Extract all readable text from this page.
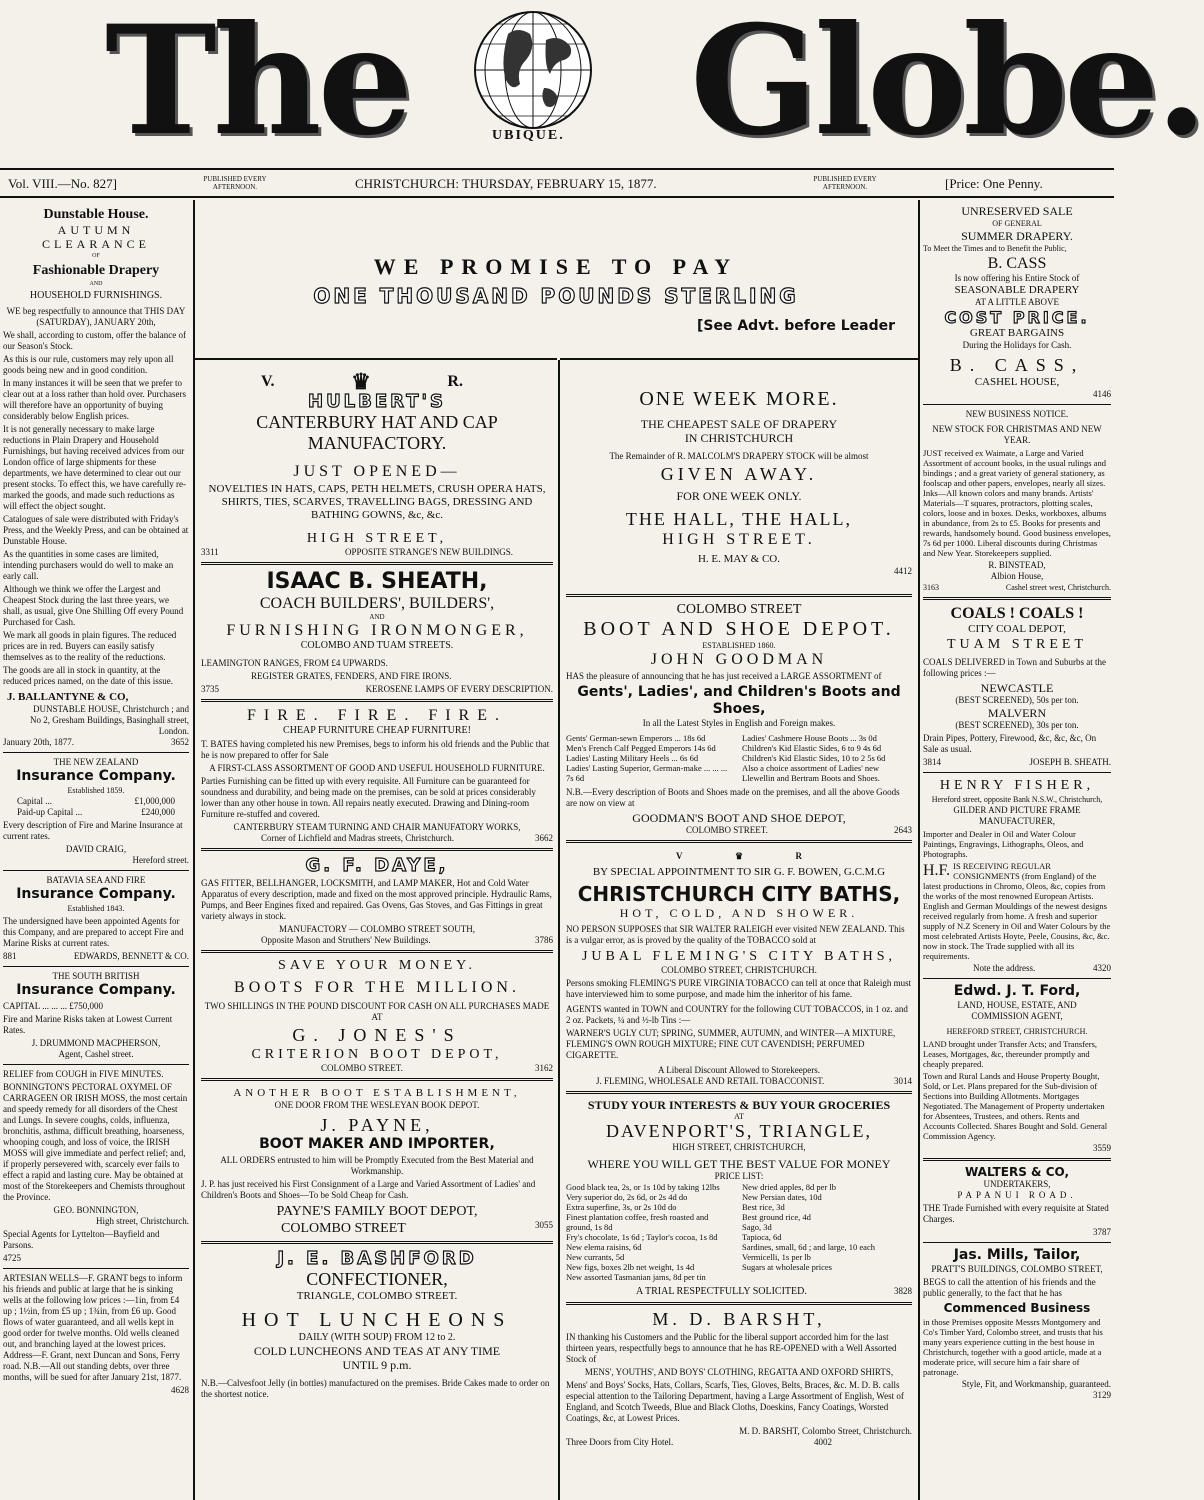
The	UBIQUE. Globe.
Vol. VIII.—No. 827]	PUBLISHED EVERY AFTERNOON.	CHRISTCHURCH: THURSDAY, FEBRUARY 15, 1877.	PUBLISHED EVERY AFTERNOON.	[Price: One Penny.
Dunstable House.
AUTUMN CLEARANCE
OF
Fashionable Drapery
AND
HOUSEHOLD FURNISHINGS.

WE beg respectfully to announce that THIS DAY (SATURDAY), JANUARY 20th,

We shall, according to custom, offer the balance of our Season's Stock.

As this is our rule, customers may rely upon all goods being new and in good condition.

In many instances it will be seen that we prefer to clear out at a loss rather than hold over. Purchasers will therefore have an opportunity of buying considerably below English prices.

It is not generally necessary to make large reductions in Plain Drapery and Household Furnishings, but having received advices from our London office of large shipments for these departments, we have determined to clear out our present stocks. To effect this, we have carefully re-marked the goods, and made such reductions as will effect the object sought.

Catalogues of sale were distributed with Friday's Press, and the Weekly Press, and can be obtained at Dunstable House.

As the quantities in some cases are limited, intending purchasers would do well to make an early call.

Although we think we offer the Largest and Cheapest Stock during the last three years, we shall, as usual, give One Shilling Off every Pound Purchased for Cash.

We mark all goods in plain figures. The reduced prices are in red. Buyers can easily satisfy themselves as to the reality of the reductions.

The goods are all in stock in quantity, at the reduced prices named, on the date of this issue.

J. BALLANTYNE & CO,
DUNSTABLE HOUSE, Christchurch ; and
No 2, Gresham Buildings, Basinghall street, London.
January 20th, 1877.	3652
THE NEW ZEALAND
Insurance Company.
Established 1859.
Capital ...	£1,000,000
Paid-up Capital ...	£240,000

Every description of Fire and Marine Insurance at current rates.

DAVID CRAIG,
Hereford street.
BATAVIA SEA AND FIRE
Insurance Company.
Established 1843.

The undersigned have been appointed Agents for this Company, and are prepared to accept Fire and Marine Risks at current rates.

881	EDWARDS, BENNETT & CO.
THE SOUTH BRITISH
Insurance Company.

CAPITAL ... ... ... £750,000

Fire and Marine Risks taken at Lowest Current Rates.

J. DRUMMOND MACPHERSON,
Agent, Cashel street.
RELIEF from COUGH in FIVE MINUTES.

BONNINGTON'S PECTORAL OXYMEL OF CARRAGEEN OR IRISH MOSS, the most certain and speedy remedy for all disorders of the Chest and Lungs. In severe coughs, colds, influenza, bronchitis, asthma, difficult breathing, hoarseness, whooping cough, and loss of voice, the IRISH MOSS will give immediate and perfect relief; and, if properly persevered with, scarcely ever fails to effect a rapid and lasting cure. May be obtained at most of the Storekeepers and Chemists throughout the Province.

GEO. BONNINGTON,
High street, Christchurch.

Special Agents for Lyttelton—Bayfield and Parsons.

4725

ARTESIAN WELLS—F. GRANT begs to inform his friends and public at large that he is sinking wells at the following low prices :—1in, from £4 up ; 1½in, from £5 up ; 1¾in, from £6 up. Good flows of water guaranteed, and all wells kept in good order for twelve months. Old wells cleaned out, and branching layed at the lowest prices. Address—F. Grant, next Duncan and Sons, Ferry road. N.B.—All out standing debts, over three months, will be sued for after January 21st, 1877.

4628
WE PROMISE TO PAY
ONE THOUSAND POUNDS STERLING
[See Advt. before Leader
V.	♛	R.
HULBERT'S
CANTERBURY HAT AND CAP
MANUFACTORY.
JUST OPENED—

NOVELTIES IN HATS, CAPS, PETH HELMETS, CRUSH OPERA HATS, SHIRTS, TIES, SCARVES, TRAVELLING BAGS, DRESSING AND BATHING GOWNS, &c, &c.

HIGH STREET,
3311	OPPOSITE STRANGE'S NEW BUILDINGS.
ISAAC B. SHEATH,
COACH BUILDERS', BUILDERS',
AND
FURNISHING IRONMONGER,
COLOMBO AND TUAM STREETS.

LEAMINGTON RANGES, FROM £4 UPWARDS.

REGISTER GRATES, FENDERS, AND FIRE IRONS.

3735	KEROSENE LAMPS OF EVERY DESCRIPTION.
FIRE. FIRE. FIRE.
CHEAP FURNITURE CHEAP FURNITURE!

T. BATES having completed his new Premises, begs to inform his old friends and the Public that he is now prepared to offer for Sale

A FIRST-CLASS ASSORTMENT OF GOOD AND USEFUL HOUSEHOLD FURNITURE.

Parties Furnishing can be fitted up with every requisite. All Furniture can be guaranteed for soundness and durability, and being made on the premises, can be sold at prices considerably lower than any other house in town. All repairs neatly executed. Drawing and Dining-room Furniture re-stuffed and covered.

CANTERBURY STEAM TURNING AND CHAIR MANUFATORY WORKS,
Corner of Lichfield and Madras streets, Christchurch.	3662
G. F. DAYE,

GAS FITTER, BELLHANGER, LOCKSMITH, and LAMP MAKER, Hot and Cold Water Apparatus of every description, made and fixed on the most approved principle. Hydraulic Rams, Pumps, and Beer Engines fixed and repaired. Gas Ovens, Gas Stoves, and Gas Fittings in great variety always in stock.

MANUFACTORY — COLOMBO STREET SOUTH,
Opposite Mason and Struthers' New Buildings.	3786
SAVE YOUR MONEY.
BOOTS FOR THE MILLION.

TWO SHILLINGS IN THE POUND DISCOUNT FOR CASH ON ALL PURCHASES MADE AT

G. JONES'S
CRITERION BOOT DEPOT,
COLOMBO STREET.	3162
ANOTHER BOOT ESTABLISHMENT,
ONE DOOR FROM THE WESLEYAN BOOK DEPOT.
J. PAYNE,
BOOT MAKER AND IMPORTER,

ALL ORDERS entrusted to him will be Promptly Executed from the Best Material and Workmanship.

J. P. has just received his First Consignment of a Large and Varied Assortment of Ladies' and Children's Boots and Shoes—To be Sold Cheap for Cash.

PAYNE'S FAMILY BOOT DEPOT,
COLOMBO STREET	3055
J. E. BASHFORD
CONFECTIONER,
TRIANGLE, COLOMBO STREET.
HOT LUNCHEONS
DAILY (WITH SOUP) FROM 12 to 2.
COLD LUNCHEONS AND TEAS AT ANY TIME
UNTIL 9 p.m.

N.B.—Calvesfoot Jelly (in bottles) manufactured on the premises. Bride Cakes made to order on the shortest notice.

ONE WEEK MORE.
THE CHEAPEST SALE OF DRAPERY
IN CHRISTCHURCH

The Remainder of R. MALCOLM'S DRAPERY STOCK will be almost

GIVEN AWAY.
FOR ONE WEEK ONLY.
THE HALL, THE HALL,
HIGH STREET.
H. E. MAY & CO.
4412
COLOMBO STREET
BOOT AND SHOE DEPOT.
ESTABLISHED 1860.
JOHN GOODMAN

HAS the pleasure of announcing that he has just received a LARGE ASSORTMENT of

Gents', Ladies', and Children's Boots and Shoes,
In all the Latest Styles in English and Foreign makes.
Gents' German-sewn Emperors ... 18s 6d
Men's French Calf Pegged Emperors 14s 6d
Ladies' Lasting Military Heels ... 6s 6d
Ladies' Lasting Superior, German-make ... ... ... 7s 6d
Ladies' Cashmere House Boots ... 3s 0d
Children's Kid Elastic Sides, 6 to 9 4s 6d
Children's Kid Elastic Sides, 10 to 2 5s 6d
Also a choice assortment of Ladies' new Llewellin and Bertram Boots and Shoes.

N.B.—Every description of Boots and Shoes made on the premises, and all the above Goods are now on view at

GOODMAN'S BOOT AND SHOE DEPOT,
COLOMBO STREET.	2643
V	♛	R
BY SPECIAL APPOINTMENT TO SIR G. F. BOWEN, G.C.M.G
CHRISTCHURCH CITY BATHS,
HOT, COLD, AND SHOWER.

NO PERSON SUPPOSES that SIR WALTER RALEIGH ever visited NEW ZEALAND. This is a vulgar error, as is proved by the quality of the TOBACCO sold at

JUBAL FLEMING'S CITY BATHS,
COLOMBO STREET, CHRISTCHURCH.

Persons smoking FLEMING'S PURE VIRGINIA TOBACCO can tell at once that Raleigh must have interviewed him to some purpose, and made him the inheritor of his fame.

AGENTS wanted in TOWN and COUNTRY for the following CUT TOBACCOS, in 1 oz. and 2 oz. Packets, ¼ and ½-lb Tins :—

WARNER'S UGLY CUT; SPRING, SUMMER, AUTUMN, and WINTER—A MIXTURE, FLEMING'S OWN ROUGH MIXTURE; FINE CUT CAVENDISH; PERFUMED CIGARETTE.

A Liberal Discount Allowed to Storekeepers.
J. FLEMING, WHOLESALE AND RETAIL TOBACCONIST.	3014
STUDY YOUR INTERESTS & BUY YOUR GROCERIES
AT
DAVENPORT'S, TRIANGLE,
HIGH STREET, CHRISTCHURCH,
WHERE YOU WILL GET THE BEST VALUE FOR MONEY
PRICE LIST:
Good black tea, 2s, or 1s 10d by taking 12lbs
Very superior do, 2s 6d, or 2s 4d do
Extra superfine, 3s, or 2s 10d do
Finest plantation coffee, fresh roasted and ground, 1s 8d
Fry's chocolate, 1s 6d ; Taylor's cocoa, 1s 8d
New elema raisins, 6d
New currants, 5d
New figs, boxes 2lb net weight, 1s 4d
New assorted Tasmanian jams, 8d per tin
New dried apples, 8d per lb
New Persian dates, 10d
Best rice, 3d
Best ground rice, 4d
Sago, 3d
Tapioca, 6d
Sardines, small, 6d ; and large, 10 each
Vermicelli, 1s per lb
Sugars at wholesale prices
A TRIAL RESPECTFULLY SOLICITED.	3828
M. D. BARSHT,

IN thanking his Customers and the Public for the liberal support accorded him for the last thirteen years, respectfully begs to announce that he has RE-OPENED with a Well Assorted Stock of

MENS', YOUTHS', AND BOYS' CLOTHING, REGATTA AND OXFORD SHIRTS,

Mens' and Boys' Socks, Hats, Collars, Scarfs, Ties, Gloves, Belts, Braces, &c. M. D. B. calls especial attention to the Tailoring Department, having a Large Assortment of English, West of England, and Scotch Tweeds, Blue and Black Cloths, Doeskins, Fancy Coatings, Worsted Coatings, &c, at Lowest Prices.

M. D. BARSHT, Colombo Street, Christchurch.
Three Doors from City Hotel.	4002
UNRESERVED SALE
OF GENERAL
SUMMER DRAPERY.
To Meet the Times and to Benefit the Public,
B. CASS
Is now offering his Entire Stock of
SEASONABLE DRAPERY
AT A LITTLE ABOVE
COST PRICE.
GREAT BARGAINS
During the Holidays for Cash.
B. CASS,
CASHEL HOUSE,
4146
NEW BUSINESS NOTICE.
NEW STOCK FOR CHRISTMAS AND NEW YEAR.

JUST received ex Waimate, a Large and Varied Assortment of account books, in the usual rulings and bindings ; and a great variety of general stationery, as foolscap and other papers, envelopes, nearly all sizes. Inks—All known colors and many brands. Artists' Materials—T squares, protractors, plotting scales, colors, loose and in boxes. Desks, workboxes, albums in abundance, from 2s to £5. Books for presents and rewards, handsomely bound. Good business envelopes, 7s 6d per 1000. Liberal discounts during Christmas and New Year. Storekeepers supplied.

R. BINSTEAD,
Albion House,
3163	Cashel street west, Christchurch.
COALS ! COALS !
CITY COAL DEPOT,
TUAM STREET

COALS DELIVERED in Town and Suburbs at the following prices :—

NEWCASTLE
(BEST SCREENED), 50s per ton.
MALVERN
(BEST SCREENED), 30s per ton.

Drain Pipes, Pottery, Firewood, &c, &c, &c, On Sale as usual.

3814	JOSEPH B. SHEATH.
HENRY FISHER,
Hereford street, opposite Bank N.S.W., Christchurch,
GILDER AND PICTURE FRAME MANUFACTURER,

Importer and Dealer in Oil and Water Colour Paintings, Engravings, Lithographs, Oleos, and Photographs.

H.F. IS RECEIVING REGULAR CONSIGNMENTS (from England) of the latest productions in Chromo, Oleos, &c, copies from the works of the most renowned European Artists. English and German Mouldings of the newest designs received regularly from home. A fresh and superior supply of N.Z Scenery in Oil and Water Colours by the most celebrated Artists Hoyte, Peele, Cousins, &c, &c. now in stock. The Trade supplied with all its requirements.

Note the address.	4320
Edwd. J. T. Ford,
LAND, HOUSE, ESTATE, AND
COMMISSION AGENT,
HEREFORD STREET, CHRISTCHURCH.

LAND brought under Transfer Acts; and Transfers, Leases, Mortgages, &c, thereunder promptly and cheaply prepared.

Town and Rural Lands and House Property Bought, Sold, or Let. Plans prepared for the Sub-division of Sections into Building Allotments. Mortgages Negotiated. The Management of Property undertaken for Absentees, Trustees, and others. Rents and Accounts Collected. Shares Bought and Sold. General Commission Agency.

3559
WALTERS & CO,
UNDERTAKERS,
PAPANUI ROAD.

THE Trade Furnished with every requisite at Stated Charges.

3787
Jas. Mills, Tailor,
PRATT'S BUILDINGS, COLOMBO STREET,

BEGS to call the attention of his friends and the public generally, to the fact that he has

Commenced Business

in those Premises opposite Messrs Montgomery and Co's Timber Yard, Colombo street, and trusts that his many years experience cutting in the best house in Christchurch, together with a good article, made at a moderate price, will secure him a fair share of patronage.

Style, Fit, and Workmanship, guaranteed.
3129
